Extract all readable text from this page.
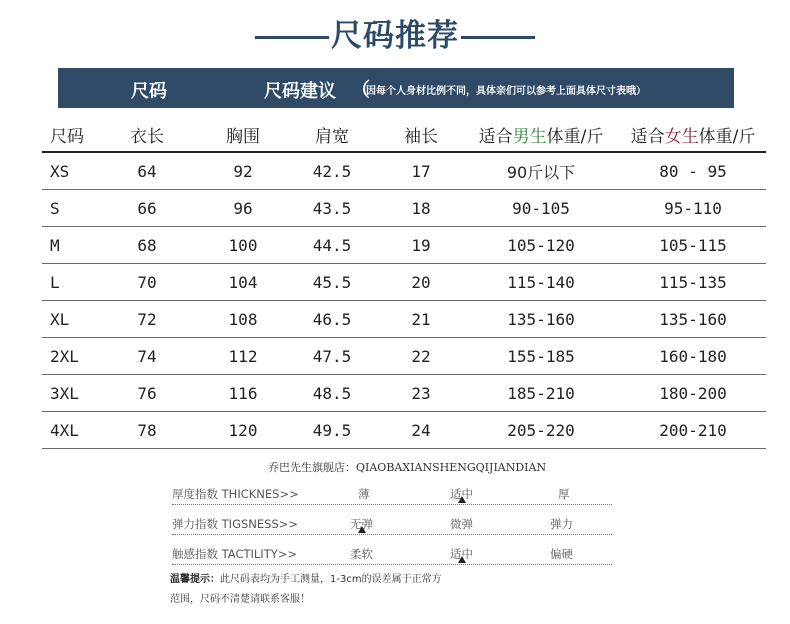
尺码推荐
尺码	尺码建议 （
因每个人身材比例不同，具体亲们可以参考上面具体尺寸表哦）
尺码	衣长	胸围	肩宽	袖长	适合男生体重/斤	适合女生体重/斤
XS	64	92	42.5	17	90斤以下	80 - 95
S	66	96	43.5	18	90-105	95-110
M	68	100	44.5	19	105-120	105-115
L	70	104	45.5	20	115-140	115-135
XL	72	108	46.5	21	135-160	135-160
2XL	74	112	47.5	22	155-185	160-180
3XL	76	116	48.5	23	185-210	180-200
4XL	78	120	49.5	24	205-220	200-210
乔巴先生旗舰店：QIAOBAXIANSHENGQIJIANDIAN
厚度指数 THICKNES>>	薄	适中	厚
弹力指数 TIGSNESS>>	无弹	微弹	弹力
触感指数 TACTILITY>>	柔软	适中	偏硬
温馨提示：此尺码表均为手工测量，1-3cm的误差属于正常方
范围，尺码不清楚请联系客服！
